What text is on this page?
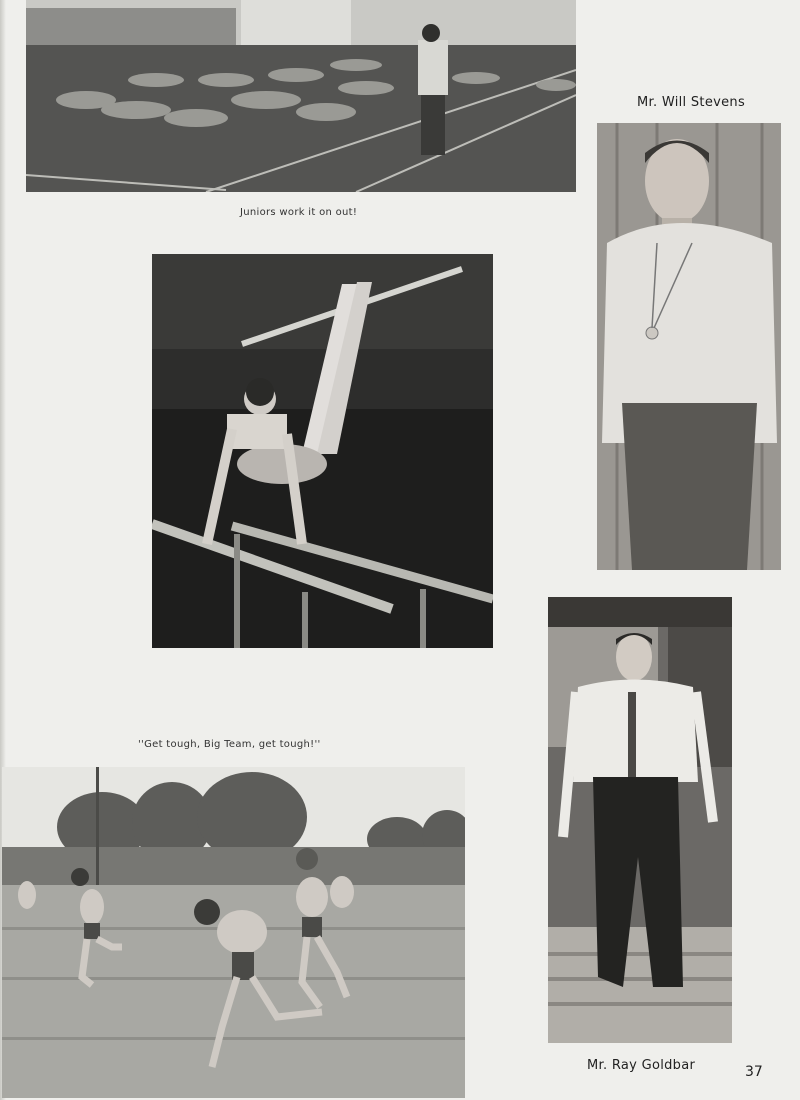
Juniors work it on out!
Mr. Will Stevens
Mr. Ray Goldbar
''Get tough, Big Team, get tough!''
37
